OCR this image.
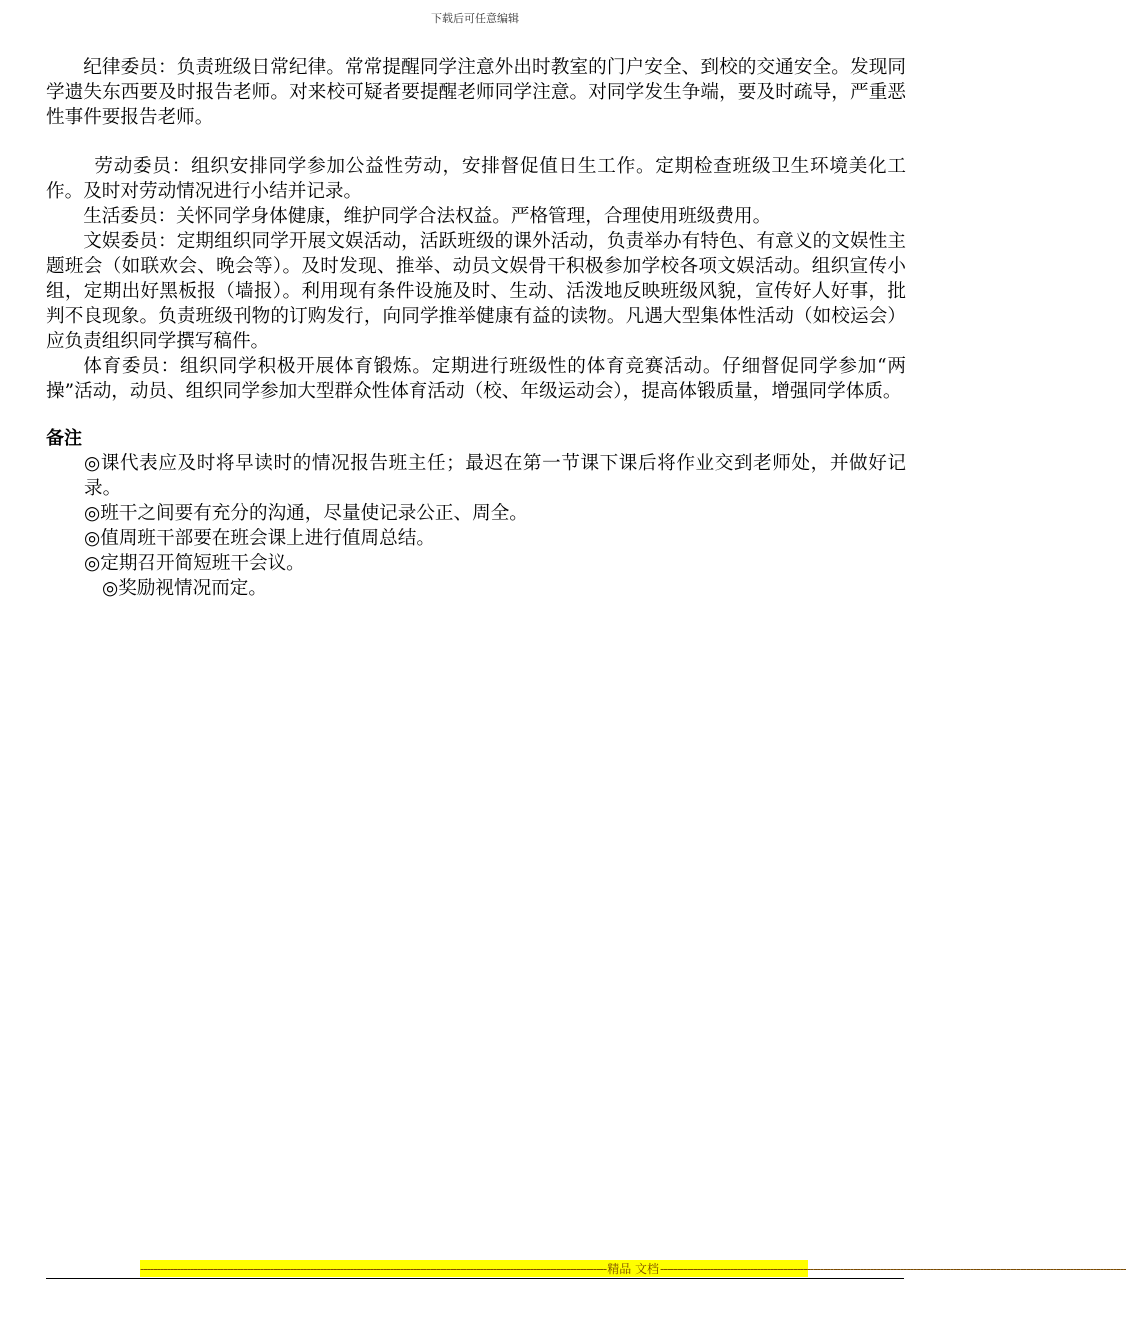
下载后可任意编辑

纪律委员：负责班级日常纪律。常常提醒同学注意外出时教室的门户安全、到校的交通安全。发现同学遗失东西要及时报告老师。对来校可疑者要提醒老师同学注意。对同学发生争端，要及时疏导，严重恶性事件要报告老师。

劳动委员：组织安排同学参加公益性劳动，安排督促值日生工作。定期检查班级卫生环境美化工作。及时对劳动情况进行小结并记录。

生活委员：关怀同学身体健康，维护同学合法权益。严格管理，合理使用班级费用。

文娱委员：定期组织同学开展文娱活动，活跃班级的课外活动，负责举办有特色、有意义的文娱性主题班会（如联欢会、晚会等）。及时发现、推举、动员文娱骨干积极参加学校各项文娱活动。组织宣传小组，定期出好黑板报（墙报）。利用现有条件设施及时、生动、活泼地反映班级风貌，宣传好人好事，批判不良现象。负责班级刊物的订购发行，向同学推举健康有益的读物。凡遇大型集体性活动（如校运会）应负责组织同学撰写稿件。

体育委员：组织同学积极开展体育锻炼。定期进行班级性的体育竞赛活动。仔细督促同学参加“两操”活动，动员、组织同学参加大型群众性体育活动（校、年级运动会），提高体锻质量，增强同学体质。

备注

◎课代表应及时将早读时的情况报告班主任；最迟在第一节课下课后将作业交到老师处，并做好记录。

◎班干之间要有充分的沟通，尽量使记录公正、周全。

◎值周班干部要在班会课上进行值周总结。

◎定期召开简短班干会议。

◎奖励视情况而定。

-------------------------------------------------------------------------------------------------------------------------------------------- 精品 文档 --------------------------------------------------------------------------------------------------------------------------------------------
